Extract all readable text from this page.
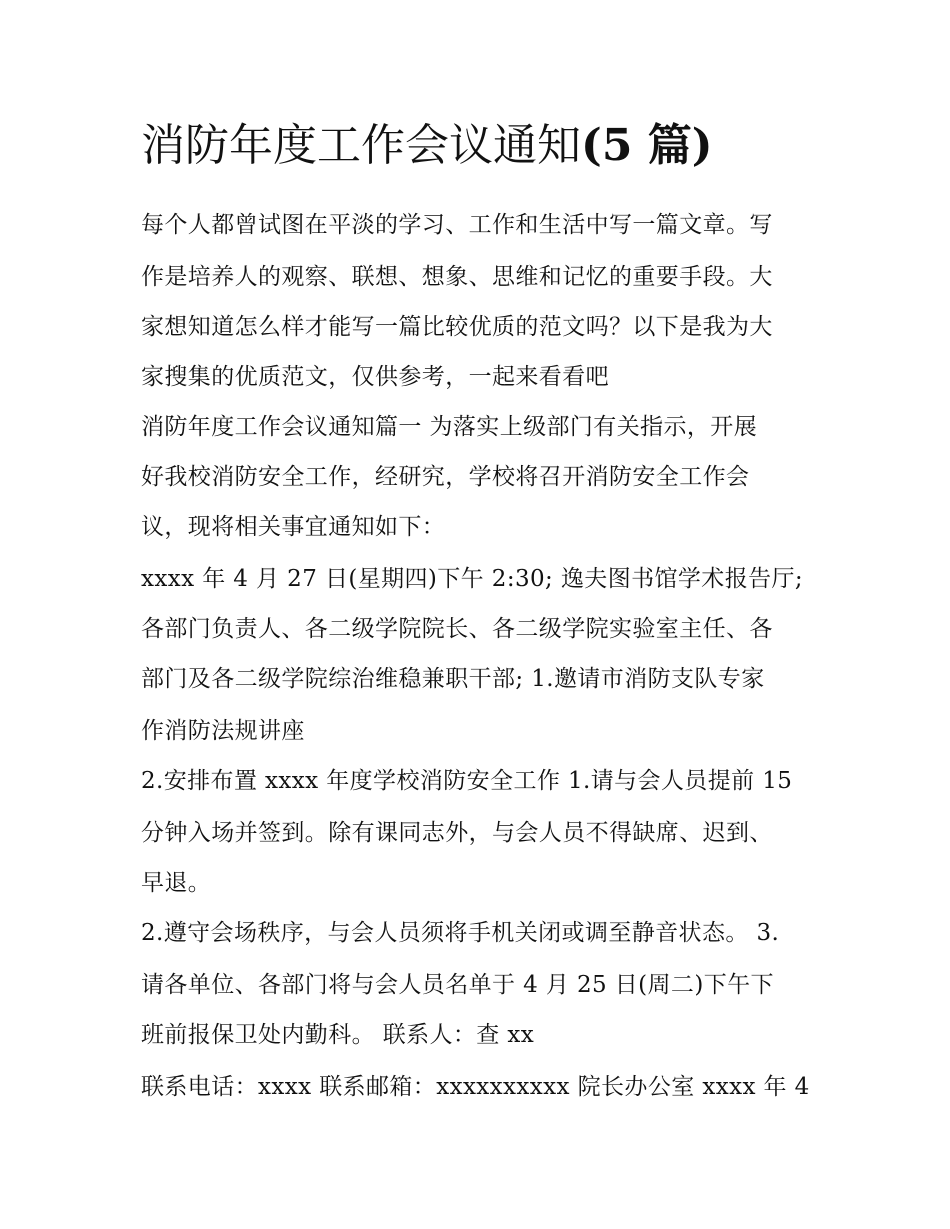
消防年度工作会议通知(5 篇)
每个人都曾试图在平淡的学习、工作和生活中写一篇文章。写
作是培养人的观察、联想、想象、思维和记忆的重要手段。大
家想知道怎么样才能写一篇比较优质的范文吗？以下是我为大
家搜集的优质范文，仅供参考，一起来看看吧
消防年度工作会议通知篇一 为落实上级部门有关指示，开展
好我校消防安全工作，经研究，学校将召开消防安全工作会
议，现将相关事宜通知如下：
xxxx 年 4 月 27 日(星期四)下午 2:30; 逸夫图书馆学术报告厅;
各部门负责人、各二级学院院长、各二级学院实验室主任、各
部门及各二级学院综治维稳兼职干部; 1.邀请市消防支队专家
作消防法规讲座
2.安排布置 xxxx 年度学校消防安全工作 1.请与会人员提前 15
分钟入场并签到。除有课同志外，与会人员不得缺席、迟到、
早退。
2.遵守会场秩序，与会人员须将手机关闭或调至静音状态。 3.
请各单位、各部门将与会人员名单于 4 月 25 日(周二)下午下
班前报保卫处内勤科。 联系人：查 xx
联系电话：xxxx 联系邮箱：xxxxxxxxxx 院长办公室 xxxx 年 4
